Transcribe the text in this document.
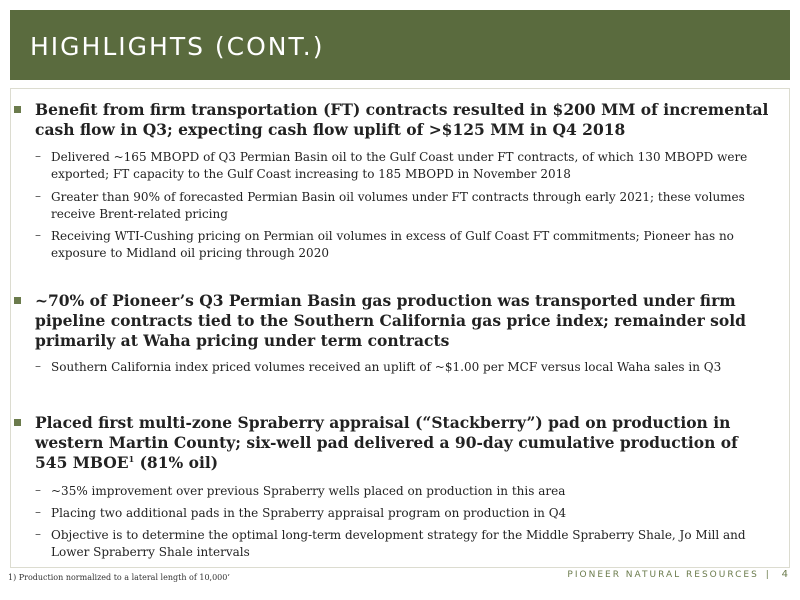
HIGHLIGHTS (CONT.)
Benefit from firm transportation (FT) contracts resulted in $200 MM of incremental cash flow in Q3; expecting cash flow uplift of >$125 MM in Q4 2018
– Delivered ~165 MBOPD of Q3 Permian Basin oil to the Gulf Coast under FT contracts, of which 130 MBOPD were exported; FT capacity to the Gulf Coast increasing to 185 MBOPD in November 2018
– Greater than 90% of forecasted Permian Basin oil volumes under FT contracts through early 2021; these volumes receive Brent-related pricing
– Receiving WTI-Cushing pricing on Permian oil volumes in excess of Gulf Coast FT commitments; Pioneer has no exposure to Midland oil pricing through 2020
~70% of Pioneer’s Q3 Permian Basin gas production was transported under firm pipeline contracts tied to the Southern California gas price index; remainder sold primarily at Waha pricing under term contracts
– Southern California index priced volumes received an uplift of ~$1.00 per MCF versus local Waha sales in Q3
Placed first multi-zone Spraberry appraisal (“Stackberry”) pad on production in western Martin County; six-well pad delivered a 90-day cumulative production of 545 MBOE$^1$ (81% oil)
– ~35% improvement over previous Spraberry wells placed on production in this area
– Placing two additional pads in the Spraberry appraisal program on production in Q4
– Objective is to determine the optimal long-term development strategy for the Middle Spraberry Shale, Jo Mill and Lower Spraberry Shale intervals
1) Production normalized to a lateral length of 10,000’	PIONEER NATURAL RESOURCES | 4
